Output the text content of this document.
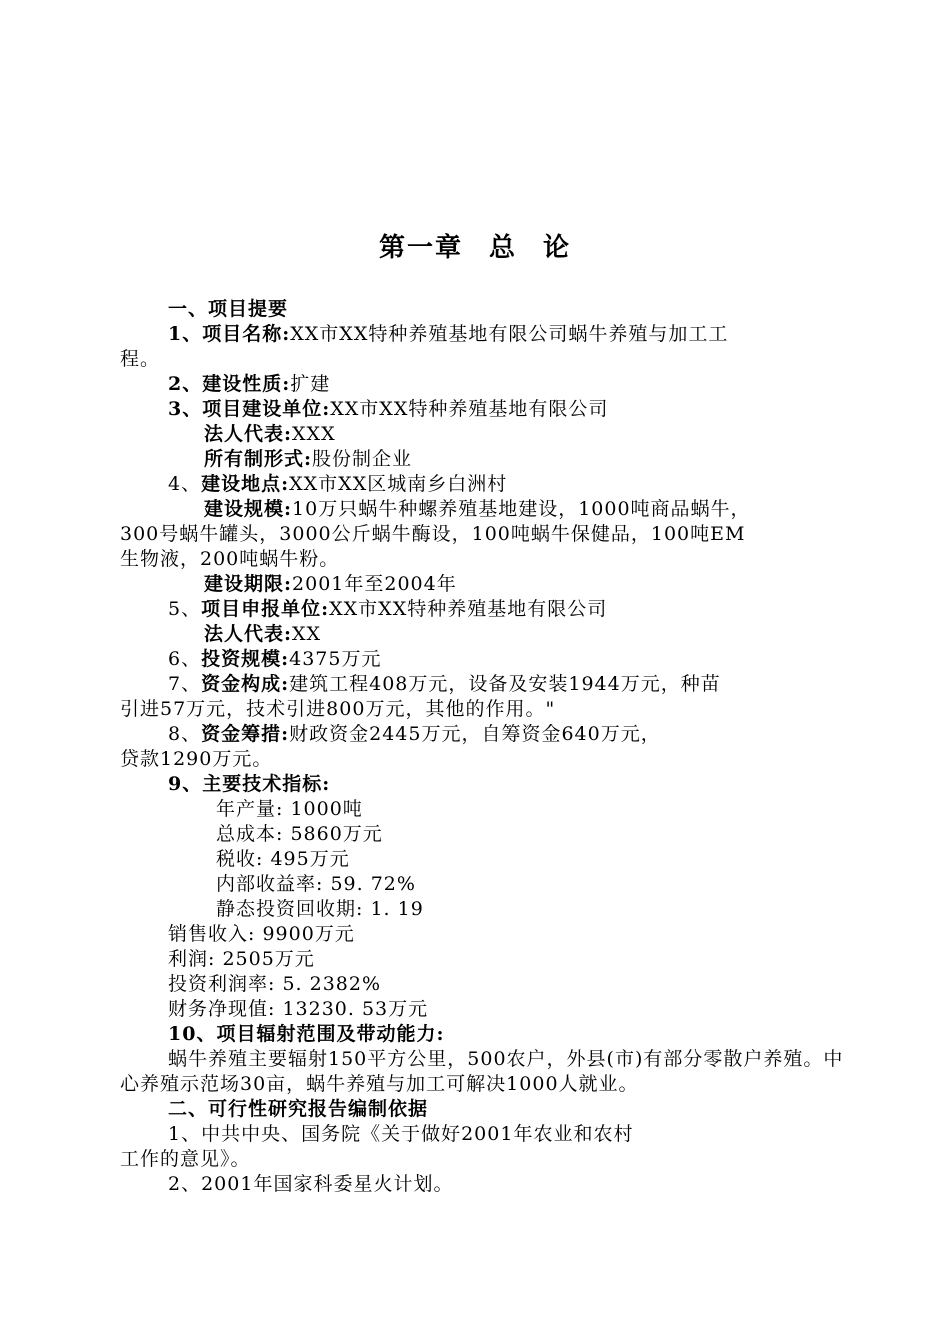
第一章 总 论
一、项目提要
1、项目名称:XX市XX特种养殖基地有限公司蜗牛养殖与加工工
程。
2、建设性质:扩建
3、项目建设单位:XX市XX特种养殖基地有限公司
法人代表:XXX
所有制形式:股份制企业
4、建设地点:XX市XX区城南乡白洲村
建设规模:10万只蜗牛种螺养殖基地建设，1000吨商品蜗牛，
300号蜗牛罐头，3000公斤蜗牛酶设，100吨蜗牛保健品，100吨EM
生物液，200吨蜗牛粉。
建设期限:2001年至2004年
5、项目申报单位:XX市XX特种养殖基地有限公司
法人代表:XX
6、投资规模:4375万元
7、资金构成:建筑工程408万元，设备及安装1944万元，种苗
引进57万元，技术引进800万元，其他的作用。"
8、资金筹措:财政资金2445万元，自筹资金640万元，
贷款1290万元。
9、主要技术指标:
年产量: 1000吨
总成本: 5860万元
税收: 495万元
内部收益率: 59. 72%
静态投资回收期: 1. 19
销售收入: 9900万元
利润: 2505万元
投资利润率: 5. 2382%
财务净现值: 13230. 53万元
10、项目辐射范围及带动能力:
蜗牛养殖主要辐射150平方公里，500农户，外县(市)有部分零散户养殖。中心养殖示范场30亩，蜗牛养殖与加工可解决1000人就业。
二、可行性研究报告编制依据
1、中共中央、国务院《关于做好2001年农业和农村
工作的意见》。
2、2001年国家科委星火计划。
